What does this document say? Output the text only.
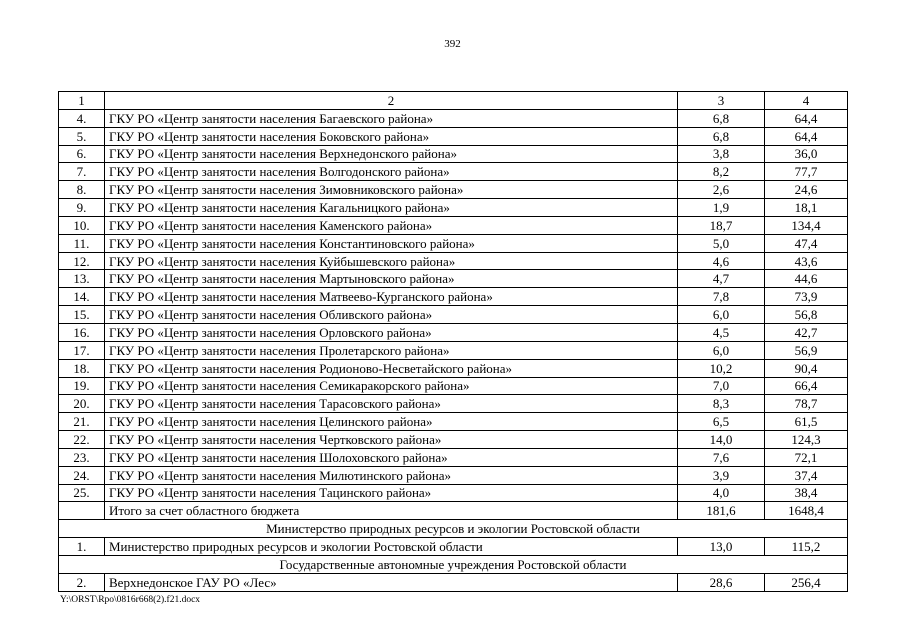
392
1	2	3	4
4.	ГКУ РО «Центр занятости населения Багаевского района»	6,8	64,4
5.	ГКУ РО «Центр занятости населения Боковского района»	6,8	64,4
6.	ГКУ РО «Центр занятости населения Верхнедонского района»	3,8	36,0
7.	ГКУ РО «Центр занятости населения Волгодонского района»	8,2	77,7
8.	ГКУ РО «Центр занятости населения Зимовниковского района»	2,6	24,6
9.	ГКУ РО «Центр занятости населения Кагальницкого района»	1,9	18,1
10.	ГКУ РО «Центр занятости населения Каменского района»	18,7	134,4
11.	ГКУ РО «Центр занятости населения Константиновского района»	5,0	47,4
12.	ГКУ РО «Центр занятости населения Куйбышевского района»	4,6	43,6
13.	ГКУ РО «Центр занятости населения Мартыновского района»	4,7	44,6
14.	ГКУ РО «Центр занятости населения Матвеево-Курганского района»	7,8	73,9
15.	ГКУ РО «Центр занятости населения Обливского района»	6,0	56,8
16.	ГКУ РО «Центр занятости населения Орловского района»	4,5	42,7
17.	ГКУ РО «Центр занятости населения Пролетарского района»	6,0	56,9
18.	ГКУ РО «Центр занятости населения Родионово-Несветайского района»	10,2	90,4
19.	ГКУ РО «Центр занятости населения Семикаракорского района»	7,0	66,4
20.	ГКУ РО «Центр занятости населения Тарасовского района»	8,3	78,7
21.	ГКУ РО «Центр занятости населения Целинского района»	6,5	61,5
22.	ГКУ РО «Центр занятости населения Чертковского района»	14,0	124,3
23.	ГКУ РО «Центр занятости населения Шолоховского района»	7,6	72,1
24.	ГКУ РО «Центр занятости населения Милютинского района»	3,9	37,4
25.	ГКУ РО «Центр занятости населения Тацинского района»	4,0	38,4
	Итого за счет областного бюджета	181,6	1648,4
Министерство природных ресурсов и экологии Ростовской области			
1.	Министерство природных ресурсов и экологии Ростовской области	13,0	115,2
Государственные автономные учреждения Ростовской области			
2.	Верхнедонское ГАУ РО «Лес»	28,6	256,4
Y:\ORST\Rpo\0816r668(2).f21.docx
